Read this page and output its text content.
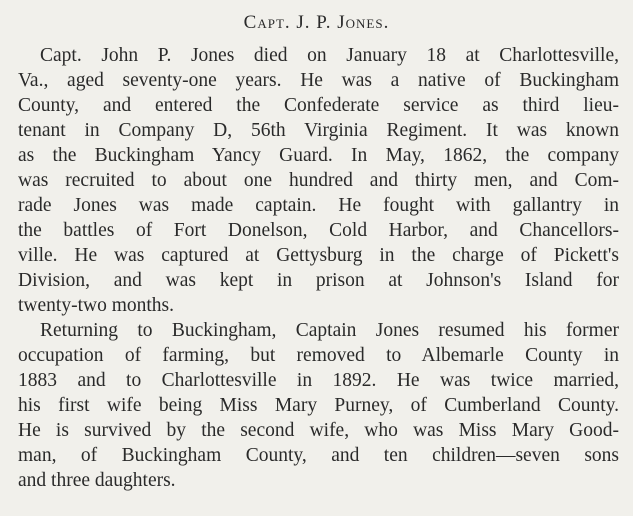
Capt. J. P. Jones.
Capt. John P. Jones died on January 18 at Charlottesville,
Va., aged seventy-one years. He was a native of Buckingham
County, and entered the Confederate service as third lieu-
tenant in Company D, 56th Virginia Regiment. It was known
as the Buckingham Yancy Guard. In May, 1862, the company
was recruited to about one hundred and thirty men, and Com-
rade Jones was made captain. He fought with gallantry in
the battles of Fort Donelson, Cold Harbor, and Chancellors-
ville. He was captured at Gettysburg in the charge of Pickett's
Division, and was kept in prison at Johnson's Island for
twenty-two months.
Returning to Buckingham, Captain Jones resumed his former
occupation of farming, but removed to Albemarle County in
1883 and to Charlottesville in 1892. He was twice married,
his first wife being Miss Mary Purney, of Cumberland County.
He is survived by the second wife, who was Miss Mary Good-
man, of Buckingham County, and ten children—seven sons
and three daughters.
